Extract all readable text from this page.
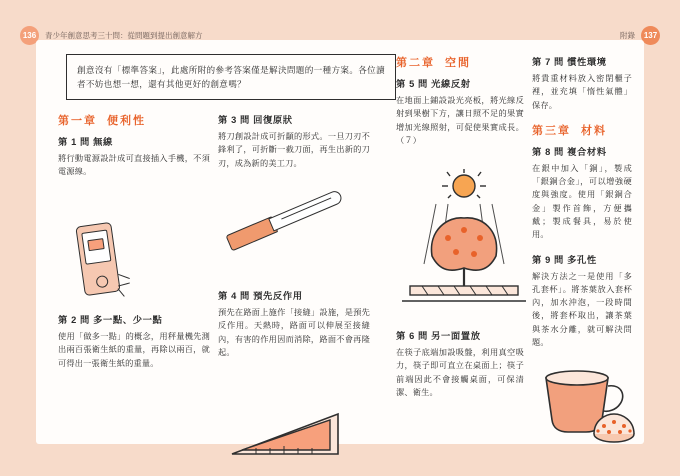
136	青少年創意思考三十問：從問題到提出創意解方	附錄	137
創意沒有「標準答案」，此處所附的參考答案僅是解決問題的一種方案。各位讀者不妨也想一想，還有其他更好的創意嗎？
第一章 便利性
第 1 問 無線

將行動電源設計成可直接插入手機，不須電源線。

第 2 問 多一點、少一點

使用「做多一點」的概念，用秤量機先測出兩百張衛生紙的重量，再除以兩百，就可得出一張衛生紙的重量。

第 3 問 回復原狀

將刀創設計成可折顲的形式。一旦刀刃不鋒利了，可折斷一截刀面，再生出新的刀刃，成為新的美工刀。

第 4 問 預先反作用

預先在路面上施作「接縫」設施，是預先反作用。天熱時，路面可以伸展至接縫內，有害的作用因而消除，路面不會再隆起。

第二章 空間
第 5 問 光線反射

在地面上鋪設設光亮板，將光線反射到果樹下方，讓日照不足的果實增加光線照射，可促使果實成長。（７）

第 6 問 另一面置放

在筷子底端加設吸盤，利用真空吸力，筷子即可直立在桌面上；筷子前端因此不會接觸桌面，可保清潔、衛生。

第 7 問 慣性環境

將貴重材料放入密閉櫃子裡，並充填「惰性氣體」保存。

第三章 材料
第 8 問 複合材料

在銀中加入「銅」，製成「銀銅合金」，可以增強硬度與強度。使用「銀銅合金」製作首飾，方便攜戴；製成餐具，易於使用。

第 9 問 多孔性

解決方法之一是使用「多孔套杯」。將茶葉放入套杯內，加水沖泡，一段時間後，將套杯取出，讓茶葉與茶水分離，就可解決問題。
